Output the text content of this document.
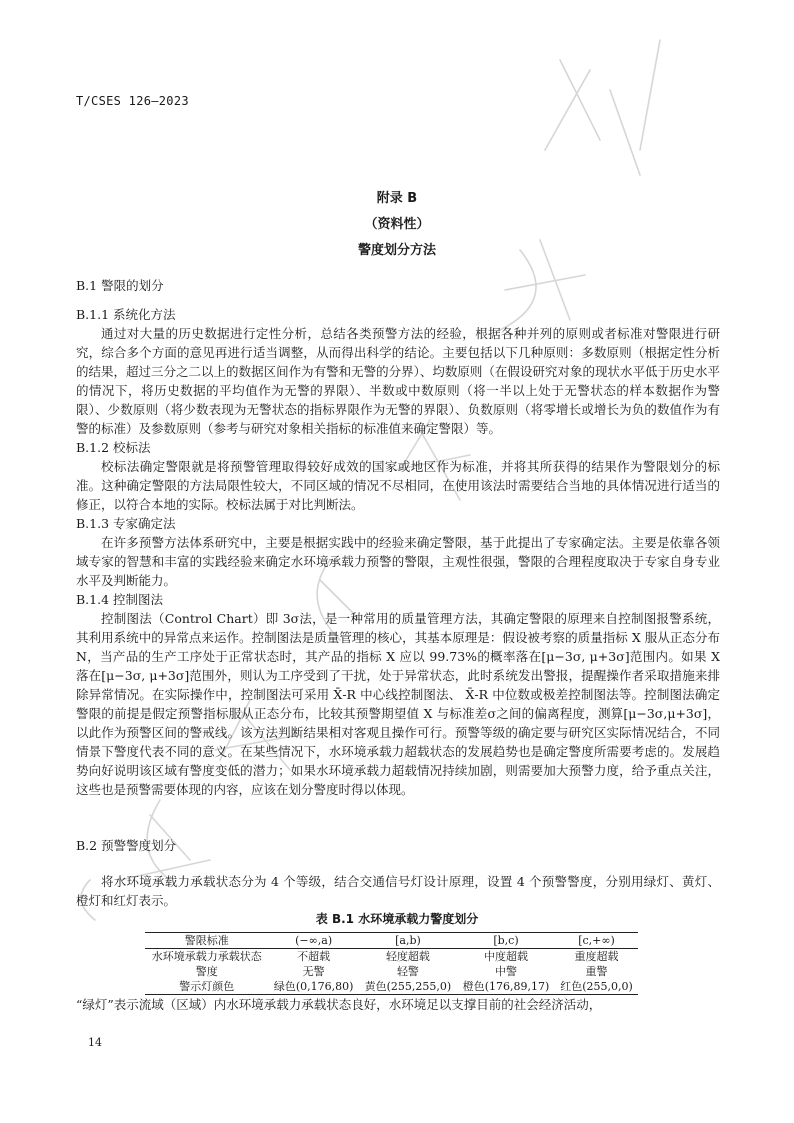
T/CSES 126—2023
附录 B
（资料性）
警度划分方法
B.1 警限的划分
B.1.1 系统化方法

通过对大量的历史数据进行定性分析，总结各类预警方法的经验，根据各种并列的原则或者标准对警限进行研究，综合多个方面的意见再进行适当调整，从而得出科学的结论。主要包括以下几种原则：多数原则（根据定性分析的结果，超过三分之二以上的数据区间作为有警和无警的分界）、均数原则（在假设研究对象的现状水平低于历史水平的情况下，将历史数据的平均值作为无警的界限）、半数或中数原则（将一半以上处于无警状态的样本数据作为警限）、少数原则（将少数表现为无警状态的指标界限作为无警的界限）、负数原则（将零增长或增长为负的数值作为有警的标准）及参数原则（参考与研究对象相关指标的标准值来确定警限）等。

B.1.2 校标法

校标法确定警限就是将预警管理取得较好成效的国家或地区作为标准，并将其所获得的结果作为警限划分的标准。这种确定警限的方法局限性较大，不同区域的情况不尽相同，在使用该法时需要结合当地的具体情况进行适当的修正，以符合本地的实际。校标法属于对比判断法。

B.1.3 专家确定法

在许多预警方法体系研究中，主要是根据实践中的经验来确定警限，基于此提出了专家确定法。主要是依靠各领域专家的智慧和丰富的实践经验来确定水环境承载力预警的警限，主观性很强，警限的合理程度取决于专家自身专业水平及判断能力。

B.1.4 控制图法

控制图法（Control Chart）即 3σ法，是一种常用的质量管理方法，其确定警限的原理来自控制图报警系统，其利用系统中的异常点来运作。控制图法是质量管理的核心，其基本原理是：假设被考察的质量指标 X 服从正态分布 N，当产品的生产工序处于正常状态时，其产品的指标 X 应以 99.73%的概率落在[μ−3σ, μ+3σ]范围内。如果 X 落在[μ−3σ, μ+3σ]范围外，则认为工序受到了干扰，处于异常状态，此时系统发出警报，提醒操作者采取措施来排除异常情况。在实际操作中，控制图法可采用 X̄-R 中心线控制图法、 X̄-R 中位数或极差控制图法等。控制图法确定警限的前提是假定预警指标服从正态分布，比较其预警期望值 X 与标准差σ之间的偏离程度，测算[μ−3σ,μ+3σ]，以此作为预警区间的警戒线。该方法判断结果相对客观且操作可行。预警等级的确定要与研究区实际情况结合，不同情景下警度代表不同的意义。在某些情况下，水环境承载力超载状态的发展趋势也是确定警度所需要考虑的。发展趋势向好说明该区域有警度变低的潜力；如果水环境承载力超载情况持续加剧，则需要加大预警力度，给予重点关注，这些也是预警需要体现的内容，应该在划分警度时得以体现。

B.2 预警警度划分

将水环境承载力承载状态分为 4 个等级，结合交通信号灯设计原理，设置 4 个预警警度，分别用绿灯、黄灯、橙灯和红灯表示。

表 B.1 水环境承载力警度划分
警限标准	(−∞,a)	[a,b)	[b,c)	[c,+∞)
水环境承载力承载状态	不超载	轻度超载	中度超载	重度超载
警度	无警	轻警	中警	重警
警示灯颜色	绿色(0,176,80)	黄色(255,255,0)	橙色(176,89,17)	红色(255,0,0)
“绿灯”表示流域（区域）内水环境承载力承载状态良好，水环境足以支撑目前的社会经济活动，
14
